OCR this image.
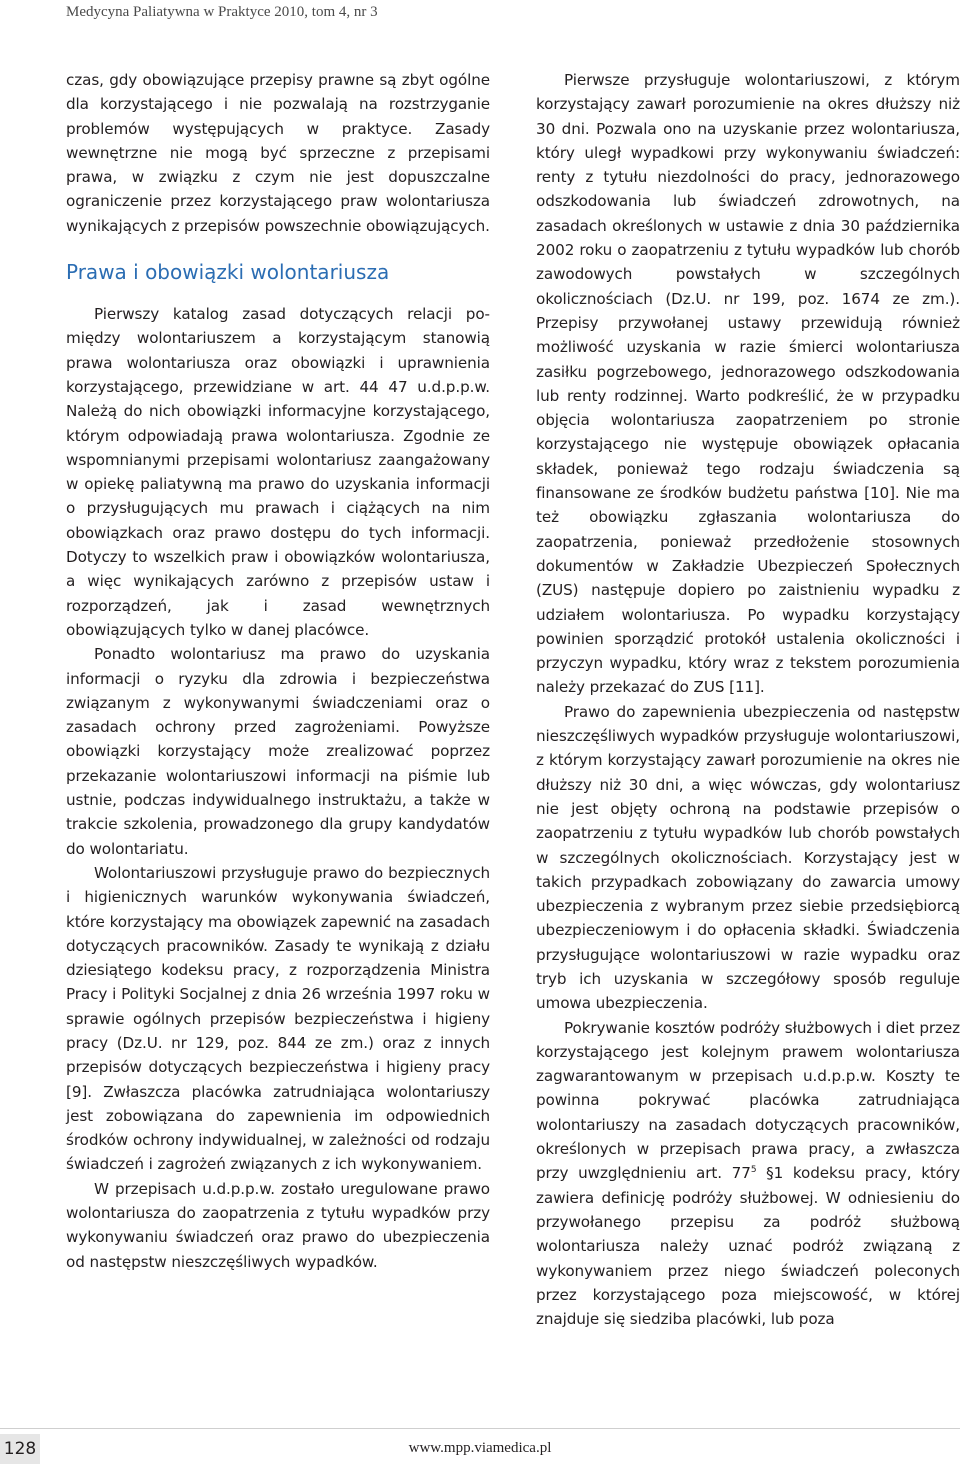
Medycyna Paliatywna w Praktyce 2010, tom 4, nr 3

czas, gdy obowiązujące przepisy prawne są zbyt ogólne dla korzystającego i nie pozwalają na rozstrzyganie problemów występujących w praktyce. Zasady wewnętrzne nie mogą być sprzeczne z przepisami prawa, w związku z czym nie jest dopuszczalne ograniczenie przez korzystającego praw wolontariusza wynikających z przepisów powszechnie obowiązujących.

Prawa i obowiązki wolontariusza

Pierwszy katalog zasad dotyczących relacji pomiędzy wolontariuszem a korzystającym stanowią prawa wolontariusza oraz obowiązki i uprawnienia korzystającego, przewidziane w art. 44 47 u.d.p.p.w. Należą do nich obowiązki informacyjne korzystającego, którym odpowiadają prawa wolontariusza. Zgodnie ze wspomnianymi przepisami wolontariusz zaangażowany w opiekę paliatywną ma prawo do uzyskania informacji o przysługujących mu prawach i ciążących na nim obowiązkach oraz prawo dostępu do tych informacji. Dotyczy to wszelkich praw i obowiązków wolontariusza, a więc wynikających zarówno z przepisów ustaw i rozporządzeń, jak i zasad wewnętrznych obowiązujących tylko w danej placówce.

Ponadto wolontariusz ma prawo do uzyskania informacji o ryzyku dla zdrowia i bezpieczeństwa związanym z wykonywanymi świadczeniami oraz o zasadach ochrony przed zagrożeniami. Powyższe obowiązki korzystający może zrealizować poprzez przekazanie wolontariuszowi informacji na piśmie lub ustnie, podczas indywidualnego instruktażu, a także w trakcie szkolenia, prowadzonego dla grupy kandydatów do wolontariatu.

Wolontariuszowi przysługuje prawo do bezpiecznych i higienicznych warunków wykonywania świadczeń, które korzystający ma obowiązek zapewnić na zasadach dotyczących pracowników. Zasady te wynikają z działu dziesiątego kodeksu pracy, z rozporządzenia Ministra Pracy i Polityki Socjalnej z dnia 26 września 1997 roku w sprawie ogólnych przepisów bezpieczeństwa i higieny pracy (Dz.U. nr 129, poz. 844 ze zm.) oraz z innych przepisów dotyczących bezpieczeństwa i higieny pracy [9]. Zwłaszcza placówka zatrudniająca wolontariuszy jest zobowiązana do zapewnienia im odpowiednich środków ochrony indywidualnej, w zależności od rodzaju świadczeń i zagrożeń związanych z ich wykonywaniem.

W przepisach u.d.p.p.w. zostało uregulowane prawo wolontariusza do zaopatrzenia z tytułu wypadków przy wykonywaniu świadczeń oraz prawo do ubezpieczenia od następstw nieszczęśliwych wypadków.

Pierwsze przysługuje wolontariuszowi, z którym korzystający zawarł porozumienie na okres dłuższy niż 30 dni. Pozwala ono na uzyskanie przez wolontariusza, który uległ wypadkowi przy wykonywaniu świadczeń: renty z tytułu niezdolności do pracy, jednorazowego odszkodowania lub świadczeń zdrowotnych, na zasadach określonych w ustawie z dnia 30 października 2002 roku o zaopatrzeniu z tytułu wypadków lub chorób zawodowych powstałych w szczególnych okolicznościach (Dz.U. nr 199, poz. 1674 ze zm.). Przepisy przywołanej ustawy przewidują również możliwość uzyskania w razie śmierci wolontariusza zasiłku pogrzebowego, jednorazowego odszkodowania lub renty rodzinnej. Warto podkreślić, że w przypadku objęcia wolontariusza zaopatrzeniem po stronie korzystającego nie występuje obowiązek opłacania składek, ponieważ tego rodzaju świadczenia są finansowane ze środków budżetu państwa [10]. Nie ma też obowiązku zgłaszania wolontariusza do zaopatrzenia, ponieważ przedłożenie stosownych dokumentów w Zakładzie Ubezpieczeń Społecznych (ZUS) następuje dopiero po zaistnieniu wypadku z udziałem wolontariusza. Po wypadku korzystający powinien sporządzić protokół ustalenia okoliczności i przyczyn wypadku, który wraz z tekstem porozumienia należy przekazać do ZUS [11].

Prawo do zapewnienia ubezpieczenia od następstw nieszczęśliwych wypadków przysługuje wolontariuszowi, z którym korzystający zawarł porozumienie na okres nie dłuższy niż 30 dni, a więc wówczas, gdy wolontariusz nie jest objęty ochroną na podstawie przepisów o zaopatrzeniu z tytułu wypadków lub chorób powstałych w szczególnych okolicznościach. Korzystający jest w takich przypadkach zobowiązany do zawarcia umowy ubezpieczenia z wybranym przez siebie przedsiębiorcą ubezpieczeniowym i do opłacenia składki. Świadczenia przysługujące wolontariuszowi w razie wypadku oraz tryb ich uzyskania w szczegółowy sposób reguluje umowa ubezpieczenia.

Pokrywanie kosztów podróży służbowych i diet przez korzystającego jest kolejnym prawem wolontariusza zagwarantowanym w przepisach u.d.p.p.w. Koszty te powinna pokrywać placówka zatrudniająca wolontariuszy na zasadach dotyczących pracowników, określonych w przepisach prawa pracy, a zwłaszcza przy uwzględnieniu art. $77^5$ §1 kodeksu pracy, który zawiera definicję podróży służbowej. W odniesieniu do przywołanego przepisu za podróż służbową wolontariusza należy uznać podróż związaną z wykonywaniem przez niego świadczeń poleconych przez korzystającego poza miejscowość, w której znajduje się siedziba placówki, lub poza

128	www.mpp.viamedica.pl
